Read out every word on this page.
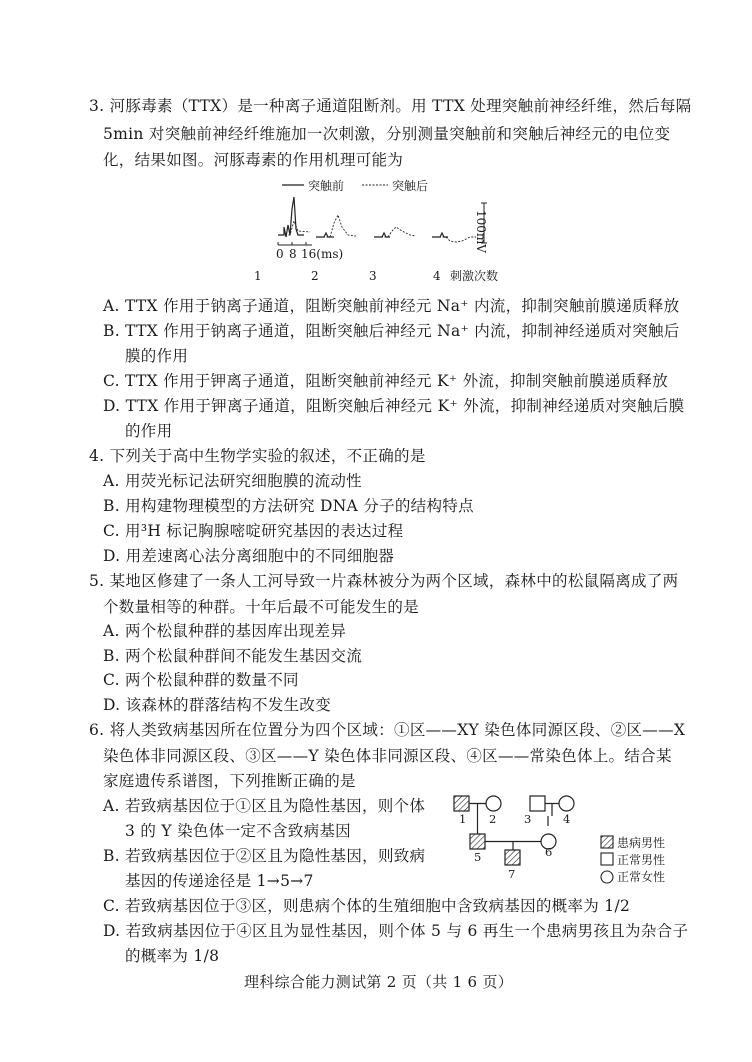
3. 河豚毒素（TTX）是一种离子通道阻断剂。用 TTX 处理突触前神经纤维，然后每隔
5min 对突触前神经纤维施加一次刺激，分别测量突触前和突触后神经元的电位变
化，结果如图。河豚毒素的作用机理可能为
突触前	突触后
100mV
0 8 16(ms)
1	2	3	4 刺激次数
A. TTX 作用于钠离子通道，阻断突触前神经元 Na⁺ 内流，抑制突触前膜递质释放
B. TTX 作用于钠离子通道，阻断突触后神经元 Na⁺ 内流，抑制神经递质对突触后
膜的作用
C. TTX 作用于钾离子通道，阻断突触前神经元 K⁺ 外流，抑制突触前膜递质释放
D. TTX 作用于钾离子通道，阻断突触后神经元 K⁺ 外流，抑制神经递质对突触后膜
的作用
4. 下列关于高中生物学实验的叙述，不正确的是
A. 用荧光标记法研究细胞膜的流动性
B. 用构建物理模型的方法研究 DNA 分子的结构特点
C. 用³H 标记胸腺嘧啶研究基因的表达过程
D. 用差速离心法分离细胞中的不同细胞器
5. 某地区修建了一条人工河导致一片森林被分为两个区域，森林中的松鼠隔离成了两
个数量相等的种群。十年后最不可能发生的是
A. 两个松鼠种群的基因库出现差异
B. 两个松鼠种群间不能发生基因交流
C. 两个松鼠种群的数量不同
D. 该森林的群落结构不发生改变
6. 将人类致病基因所在位置分为四个区域：①区——XY 染色体同源区段、②区——X
染色体非同源区段、③区——Y 染色体非同源区段、④区——常染色体上。结合某
家庭遗传系谱图，下列推断正确的是
A. 若致病基因位于①区且为隐性基因，则个体
3 的 Y 染色体一定不含致病基因
B. 若致病基因位于②区且为隐性基因，则致病
基因的传递途径是 1→5→7
C. 若致病基因位于③区，则患病个体的生殖细胞中含致病基因的概率为 1/2
D. 若致病基因位于④区且为显性基因，则个体 5 与 6 再生一个患病男孩且为杂合子
的概率为 1/8
1 2 3	4
5	6
7
患病男性
正常男性
正常女性
理科综合能力测试第 2 页（共 1 6 页）
